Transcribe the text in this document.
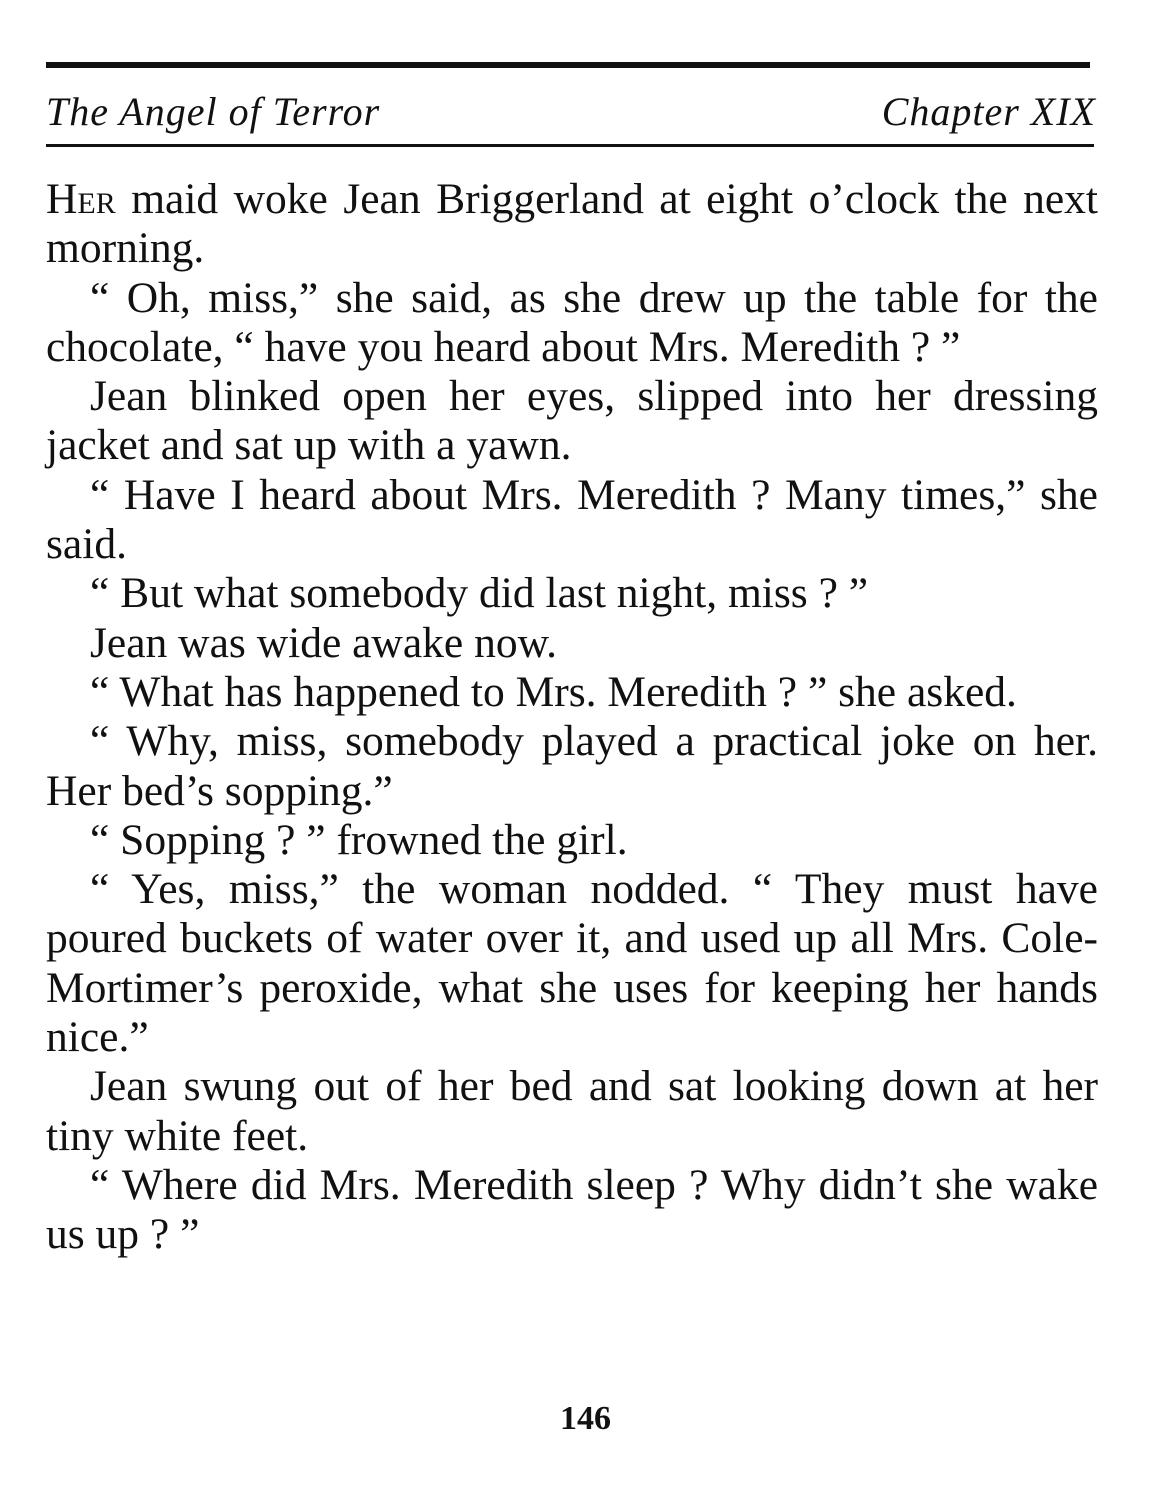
The Angel of Terror	Chapter XIX

Her maid woke Jean Briggerland at eight o’clock the next morning.

“ Oh, miss,” she said, as she drew up the table for the chocolate, “ have you heard about Mrs. Meredith ? ”

Jean blinked open her eyes, slipped into her dressing jacket and sat up with a yawn.

“ Have I heard about Mrs. Meredith ? Many times,” she said.

“ But what somebody did last night, miss ? ”

Jean was wide awake now.

“ What has happened to Mrs. Meredith ? ” she asked.

“ Why, miss, somebody played a practical joke on her. Her bed’s sopping.”

“ Sopping ? ” frowned the girl.

“ Yes, miss,” the woman nodded. “ They must have poured buckets of water over it, and used up all Mrs. Cole-Mortimer’s peroxide, what she uses for keeping her hands nice.”

Jean swung out of her bed and sat looking down at her tiny white feet.

“ Where did Mrs. Meredith sleep ? Why didn’t she wake us up ? ”

146
